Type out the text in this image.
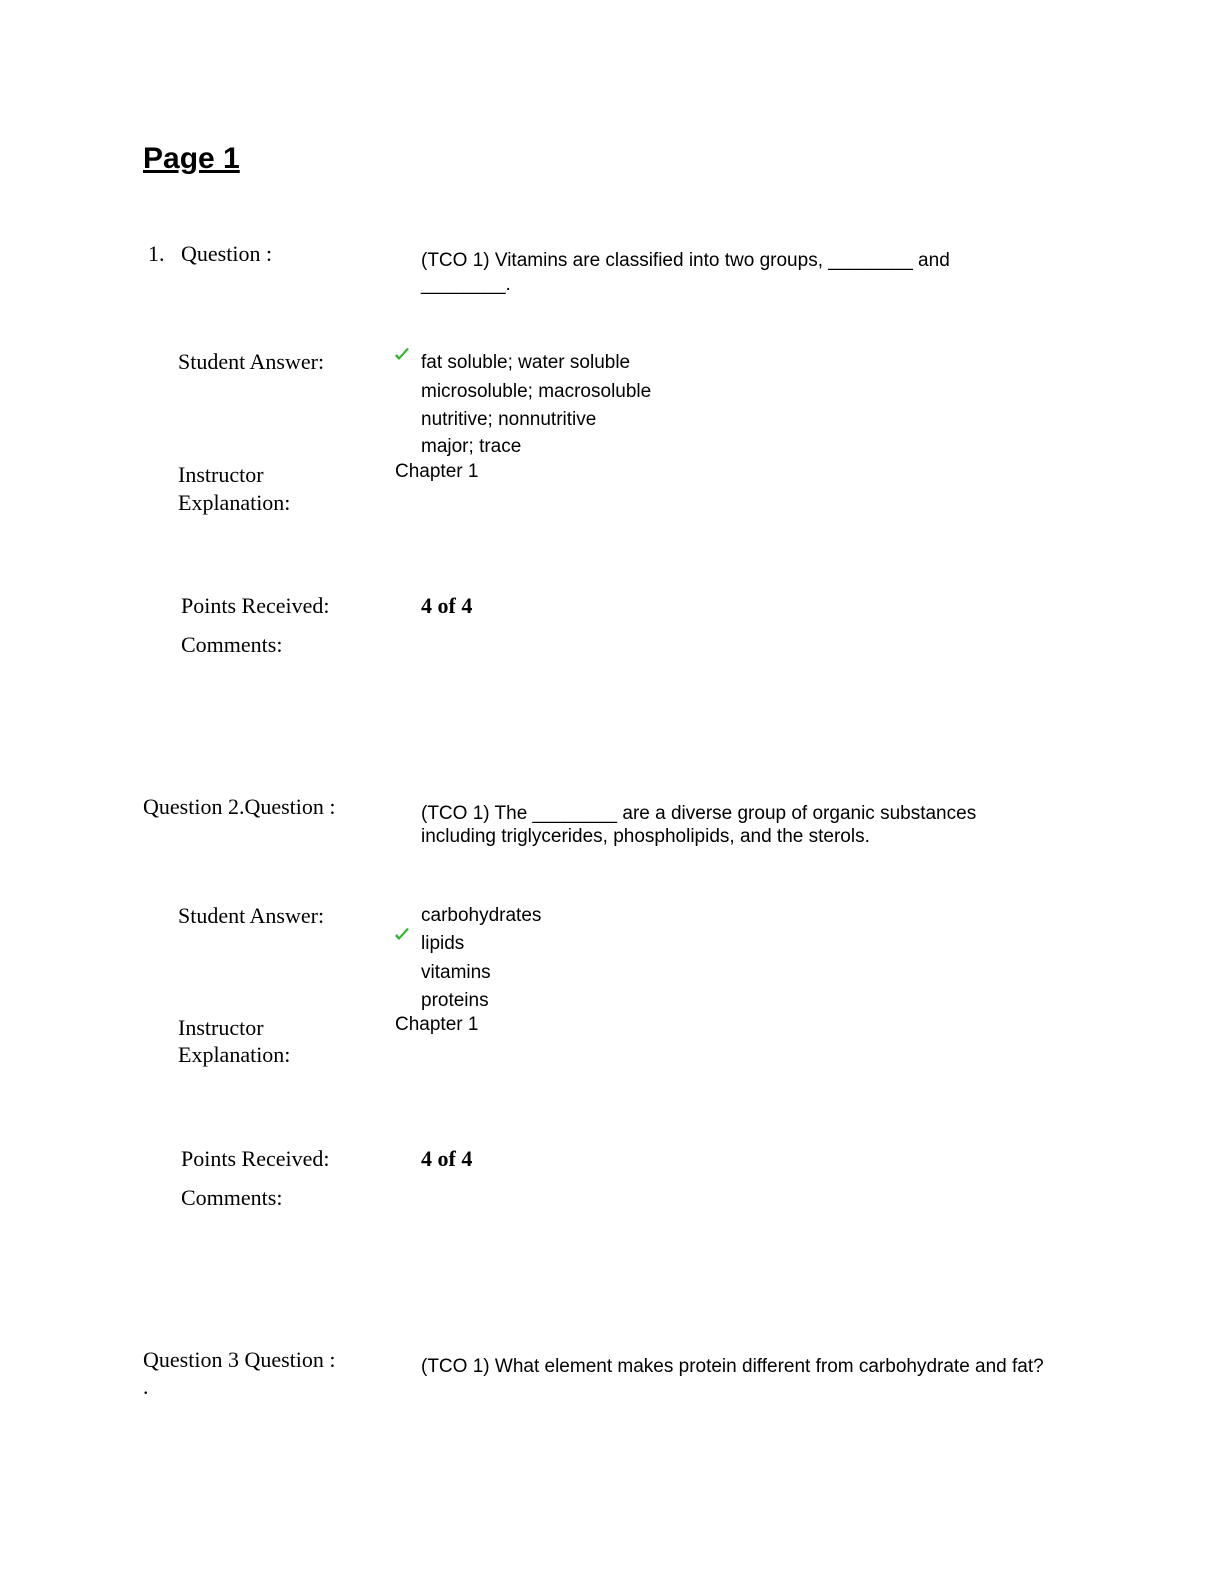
Page 1
1. Question :	(TCO 1) Vitamins are classified into two groups, ________ and
________.
Student Answer:	fat soluble; water soluble
microsoluble; macrosoluble
nutritive; nonnutritive
major; trace
Instructor
Explanation:
Chapter 1
Points Received:	4 of 4
Comments:
Question 2.Question :	(TCO 1) The ________ are a diverse group of organic substances
including triglycerides, phospholipids, and the sterols.
Student Answer:	carbohydrates
lipids
vitamins
proteins
Instructor
Explanation:
Chapter 1
Points Received:	4 of 4
Comments:
Question 3 Question :
.
(TCO 1) What element makes protein different from carbohydrate and fat?
